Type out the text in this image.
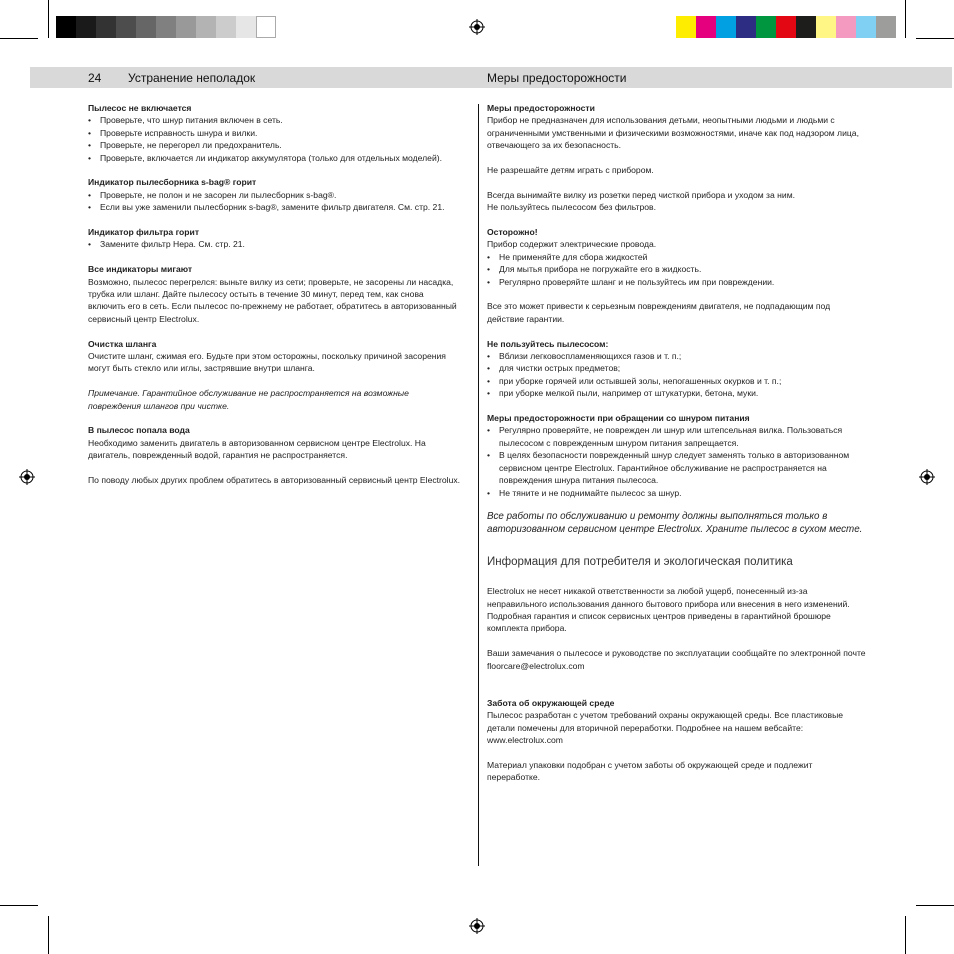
24 Устранение неполадок	Меры предосторожности

Пылесос не включается

• Проверьте, что шнур питания включен в сеть.

• Проверьте исправность шнура и вилки.

• Проверьте, не перегорел ли предохранитель.

• Проверьте, включается ли индикатор аккумулятора (только для отдельных моделей).

Индикатор пылесборника s-bag® горит

• Проверьте, не полон и не засорен ли пылесборник s-bag®.

• Если вы уже заменили пылесборник s-bag®, замените фильтр двигателя. См. стр. 21.

Индикатор фильтра горит

• Замените фильтр Hepa. См. стр. 21.

Все индикаторы мигают

Возможно, пылесос перегрелся: выньте вилку из сети; проверьте, не засорены ли насадка, трубка или шланг. Дайте пылесосу остыть в течение 30 минут, перед тем, как снова включить его в сеть. Если пылесос по-прежнему не работает, обратитесь в авторизованный сервисный центр Electrolux.

Очистка шланга

Очистите шланг, сжимая его. Будьте при этом осторожны, поскольку причиной засорения могут быть стекло или иглы, застрявшие внутри шланга.

Примечание. Гарантийное обслуживание не распространяется на возможные повреждения шлангов при чистке.

В пылесос попала вода

Необходимо заменить двигатель в авторизованном сервисном центре Electrolux. На двигатель, поврежденный водой, гарантия не распространяется.

По поводу любых других проблем обратитесь в авторизованный сервисный центр Electrolux.

Меры предосторожности

Прибор не предназначен для использования детьми, неопытными людьми и людьми с ограниченными умственными и физическими возможностями, иначе как под надзором лица, отвечающего за их безопасность.

Не разрешайте детям играть с прибором.

Всегда вынимайте вилку из розетки перед чисткой прибора и уходом за ним.

Не пользуйтесь пылесосом без фильтров.

Осторожно!

Прибор содержит электрические провода.

• Не применяйте для сбора жидкостей

• Для мытья прибора не погружайте его в жидкость.

• Регулярно проверяйте шланг и не пользуйтесь им при повреждении.

Все это может привести к серьезным повреждениям двигателя, не подпадающим под действие гарантии.

Не пользуйтесь пылесосом:

• Вблизи легковоспламеняющихся газов и т. п.;

• для чистки острых предметов;

• при уборке горячей или остывшей золы, непогашенных окурков и т. п.;

• при уборке мелкой пыли, например от штукатурки, бетона, муки.

Меры предосторожности при обращении со шнуром питания

• Регулярно проверяйте, не поврежден ли шнур или штепсельная вилка. Пользоваться пылесосом с поврежденным шнуром питания запрещается.

• В целях безопасности поврежденный шнур следует заменять только в авторизованном сервисном центре Electrolux. Гарантийное обслуживание не распространяется на повреждения шнура питания пылесоса.

• Не тяните и не поднимайте пылесос за шнур.

Все работы по обслуживанию и ремонту должны выполняться только в авторизованном сервисном центре Electrolux. Храните пылесос в сухом месте.

Информация для потребителя и экологическая политика

Electrolux не несет никакой ответственности за любой ущерб, понесенный из-за неправильного использования данного бытового прибора или внесения в него изменений. Подробная гарантия и список сервисных центров приведены в гарантийной брошюре комплекта прибора.

Ваши замечания о пылесосе и руководстве по эксплуатации сообщайте по электронной почте floorcare@electrolux.com

Забота об окружающей среде

Пылесос разработан с учетом требований охраны окружающей среды. Все пластиковые детали помечены для вторичной переработки. Подробнее на нашем вебсайте: www.electrolux.com

Материал упаковки подобран с учетом заботы об окружающей среде и подлежит переработке.
